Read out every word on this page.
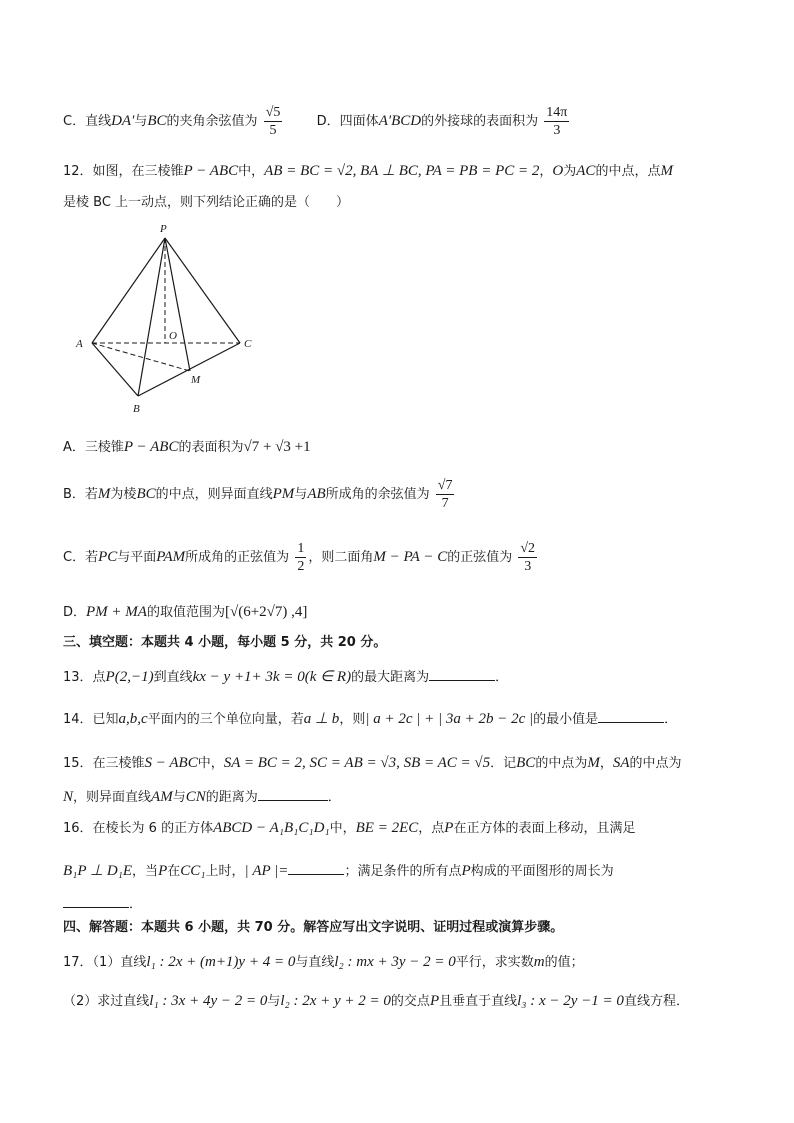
C．直线DA′与BC的夹角余弦值为 $\frac{√5}{5}$	D．四面体A′BCD的外接球的表面积为 $\frac{14\pi}{3}$
12．如图，在三棱锥P − ABC中，AB = BC = √2, BA ⊥ BC, PA = PB = PC = 2，O为AC的中点，点M
是棱 BC 上一动点，则下列结论正确的是（　　）
P
A
B
C
O
M
A．三棱锥P − ABC的表面积为√7 + √3 +1
B．若M为棱BC的中点，则异面直线PM与AB所成角的余弦值为 $\frac{√7}{7}$
C．若PC与平面PAM所成角的正弦值为 $\frac{1}{2}$ ，则二面角M − PA − C的正弦值为 $\frac{√2}{3}$
D．PM + MA的取值范围为[√(6+2√7) ,4]
三、填空题：本题共 4 小题，每小题 5 分，共 20 分。
13．点P(2,−1)到直线kx − y +1+ 3k = 0(k ∈ R)的最大距离为	．
14．已知a,b,c平面内的三个单位向量，若a ⊥ b，则| a + 2c | + | 3a + 2b − 2c |的最小值是	．
15．在三棱锥S − ABC中，SA = BC = 2, SC = AB = √3, SB = AC = √5．记BC的中点为M，SA的中点为
N，则异面直线AM与CN的距离为	．
16．在棱长为 6 的正方体ABCD − A₁B₁C₁D₁中，BE = 2EC，点P在正方体的表面上移动，且满足
B₁P ⊥ D₁E，当P在CC₁上时，| AP |=	；满足条件的所有点P构成的平面图形的周长为
．
四、解答题：本题共 6 小题，共 70 分。解答应写出文字说明、证明过程或演算步骤。
17．（1）直线l₁ : 2x + (m+1)y + 4 = 0与直线l₂ : mx + 3y − 2 = 0平行，求实数m的值；
（2）求过直线l₁ : 3x + 4y − 2 = 0与l₂ : 2x + y + 2 = 0的交点P且垂直于直线l₃ : x − 2y −1 = 0直线方程．
